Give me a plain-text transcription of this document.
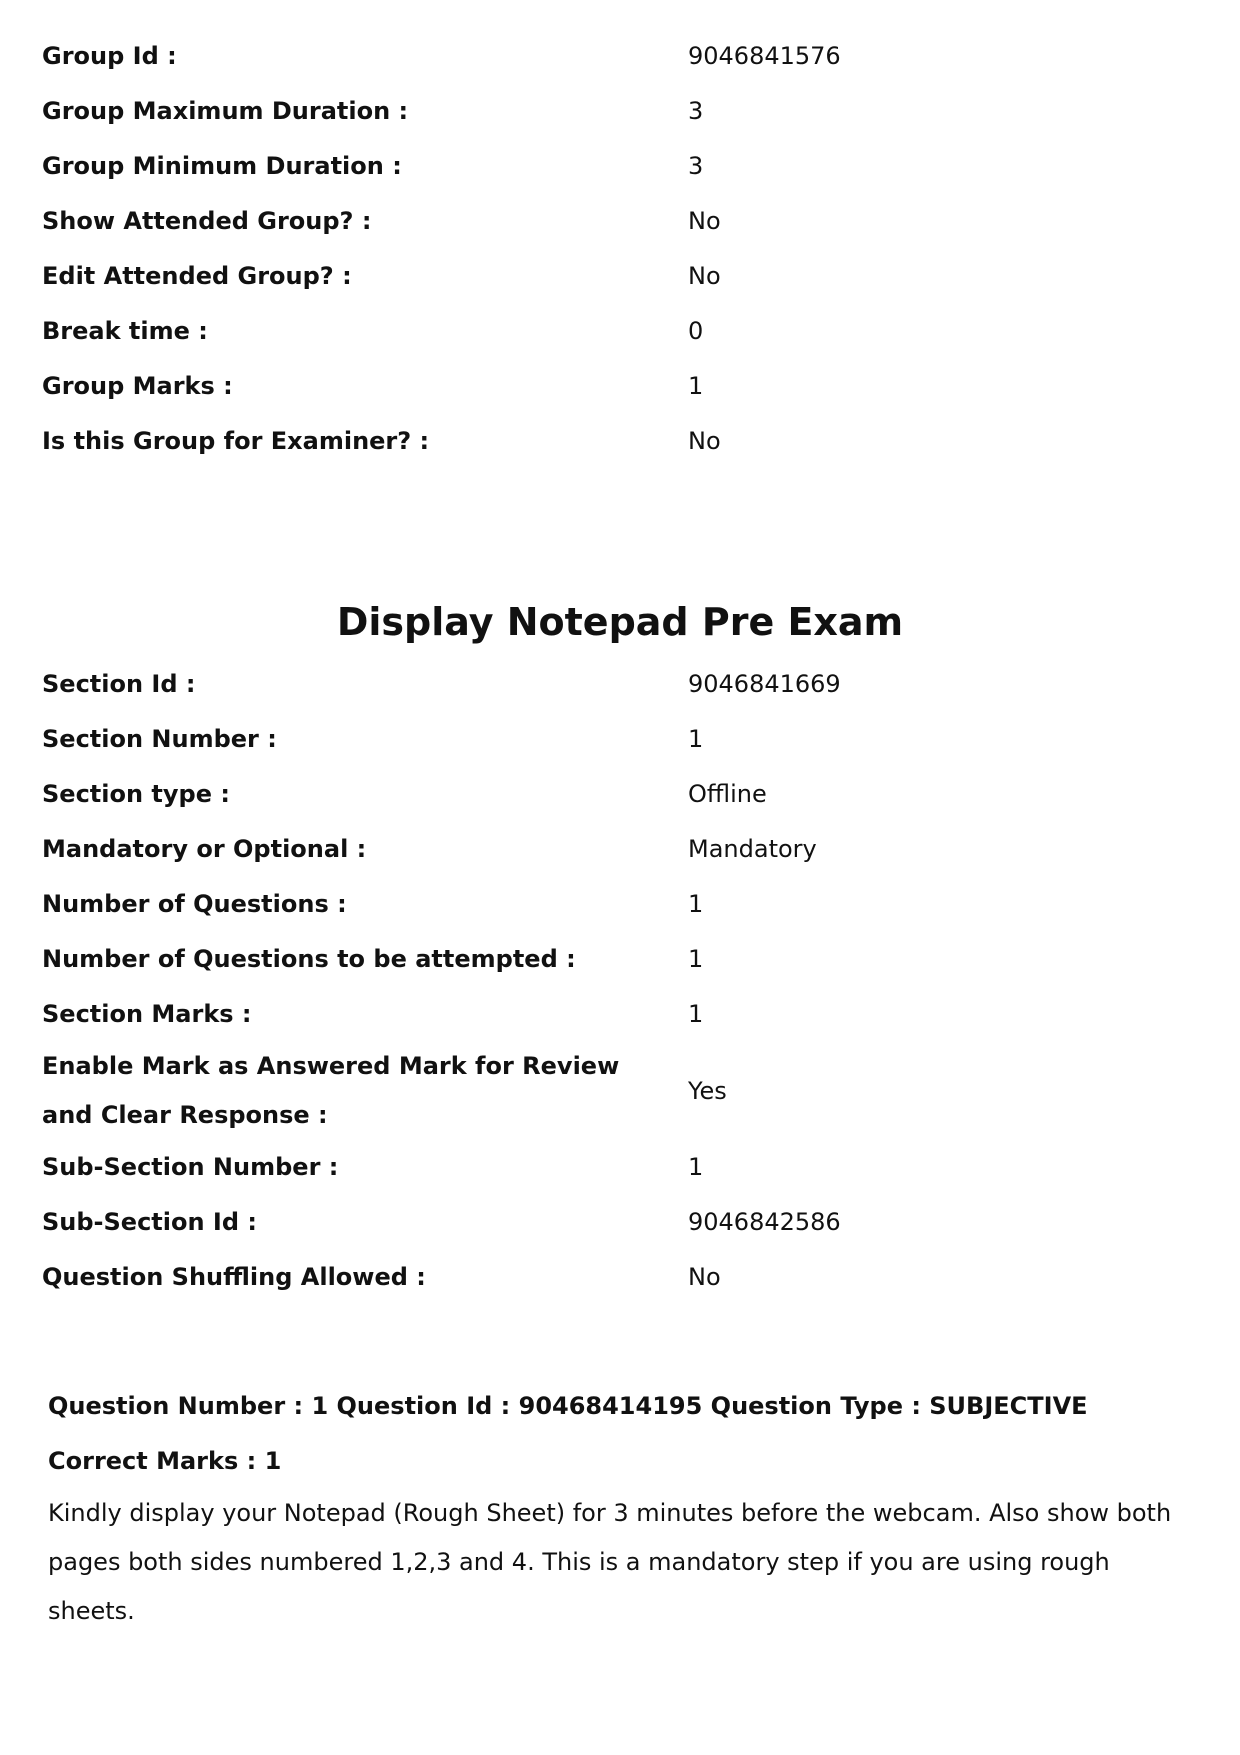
Group Id :	9046841576
Group Maximum Duration :	3
Group Minimum Duration :	3
Show Attended Group? :	No
Edit Attended Group? :	No
Break time :	0
Group Marks :	1
Is this Group for Examiner? :	No
Display Notepad Pre Exam
Section Id :	9046841669
Section Number :	1
Section type :	Offline
Mandatory or Optional :	Mandatory
Number of Questions :	1
Number of Questions to be attempted :	1
Section Marks :	1
Enable Mark as Answered Mark for Review and Clear Response :	Yes
Sub-Section Number :	1
Sub-Section Id :	9046842586
Question Shuffling Allowed :	No

Question Number : 1 Question Id : 90468414195 Question Type : SUBJECTIVE

Correct Marks : 1

Kindly display your Notepad (Rough Sheet) for 3 minutes before the webcam. Also show both pages both sides numbered 1,2,3 and 4. This is a mandatory step if you are using rough sheets.
